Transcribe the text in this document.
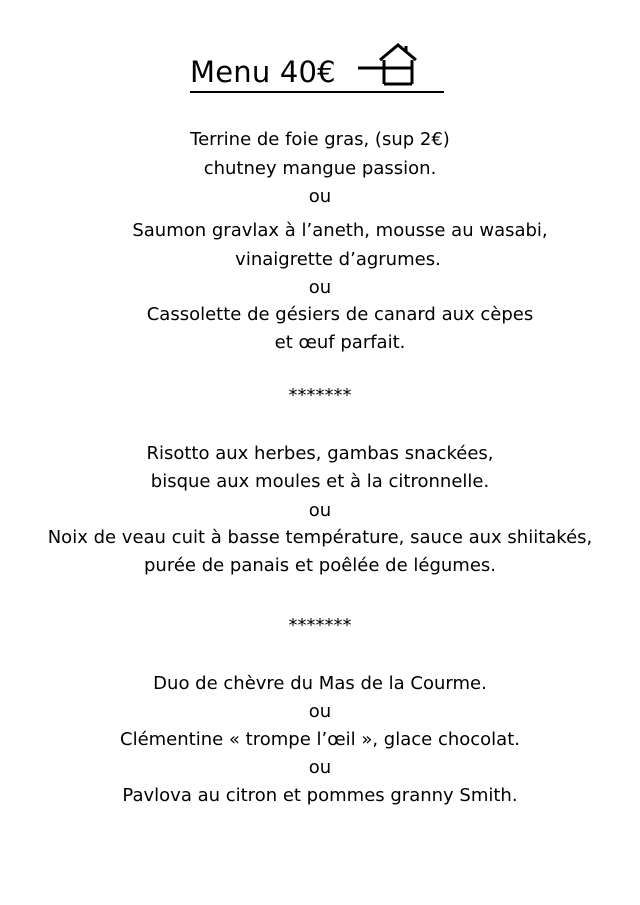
Menu 40€
Terrine de foie gras, (sup 2€)
chutney mangue passion.
ou
Saumon gravlax à l’aneth, mousse au wasabi,
vinaigrette d’agrumes.
ou
Cassolette de gésiers de canard aux cèpes
et œuf parfait.
*******
Risotto aux herbes, gambas snackées,
bisque aux moules et à la citronnelle.
ou
Noix de veau cuit à basse température, sauce aux shiitakés,
purée de panais et poêlée de légumes.
*******
Duo de chèvre du Mas de la Courme.
ou
Clémentine « trompe l’œil », glace chocolat.
ou
Pavlova au citron et pommes granny Smith.
